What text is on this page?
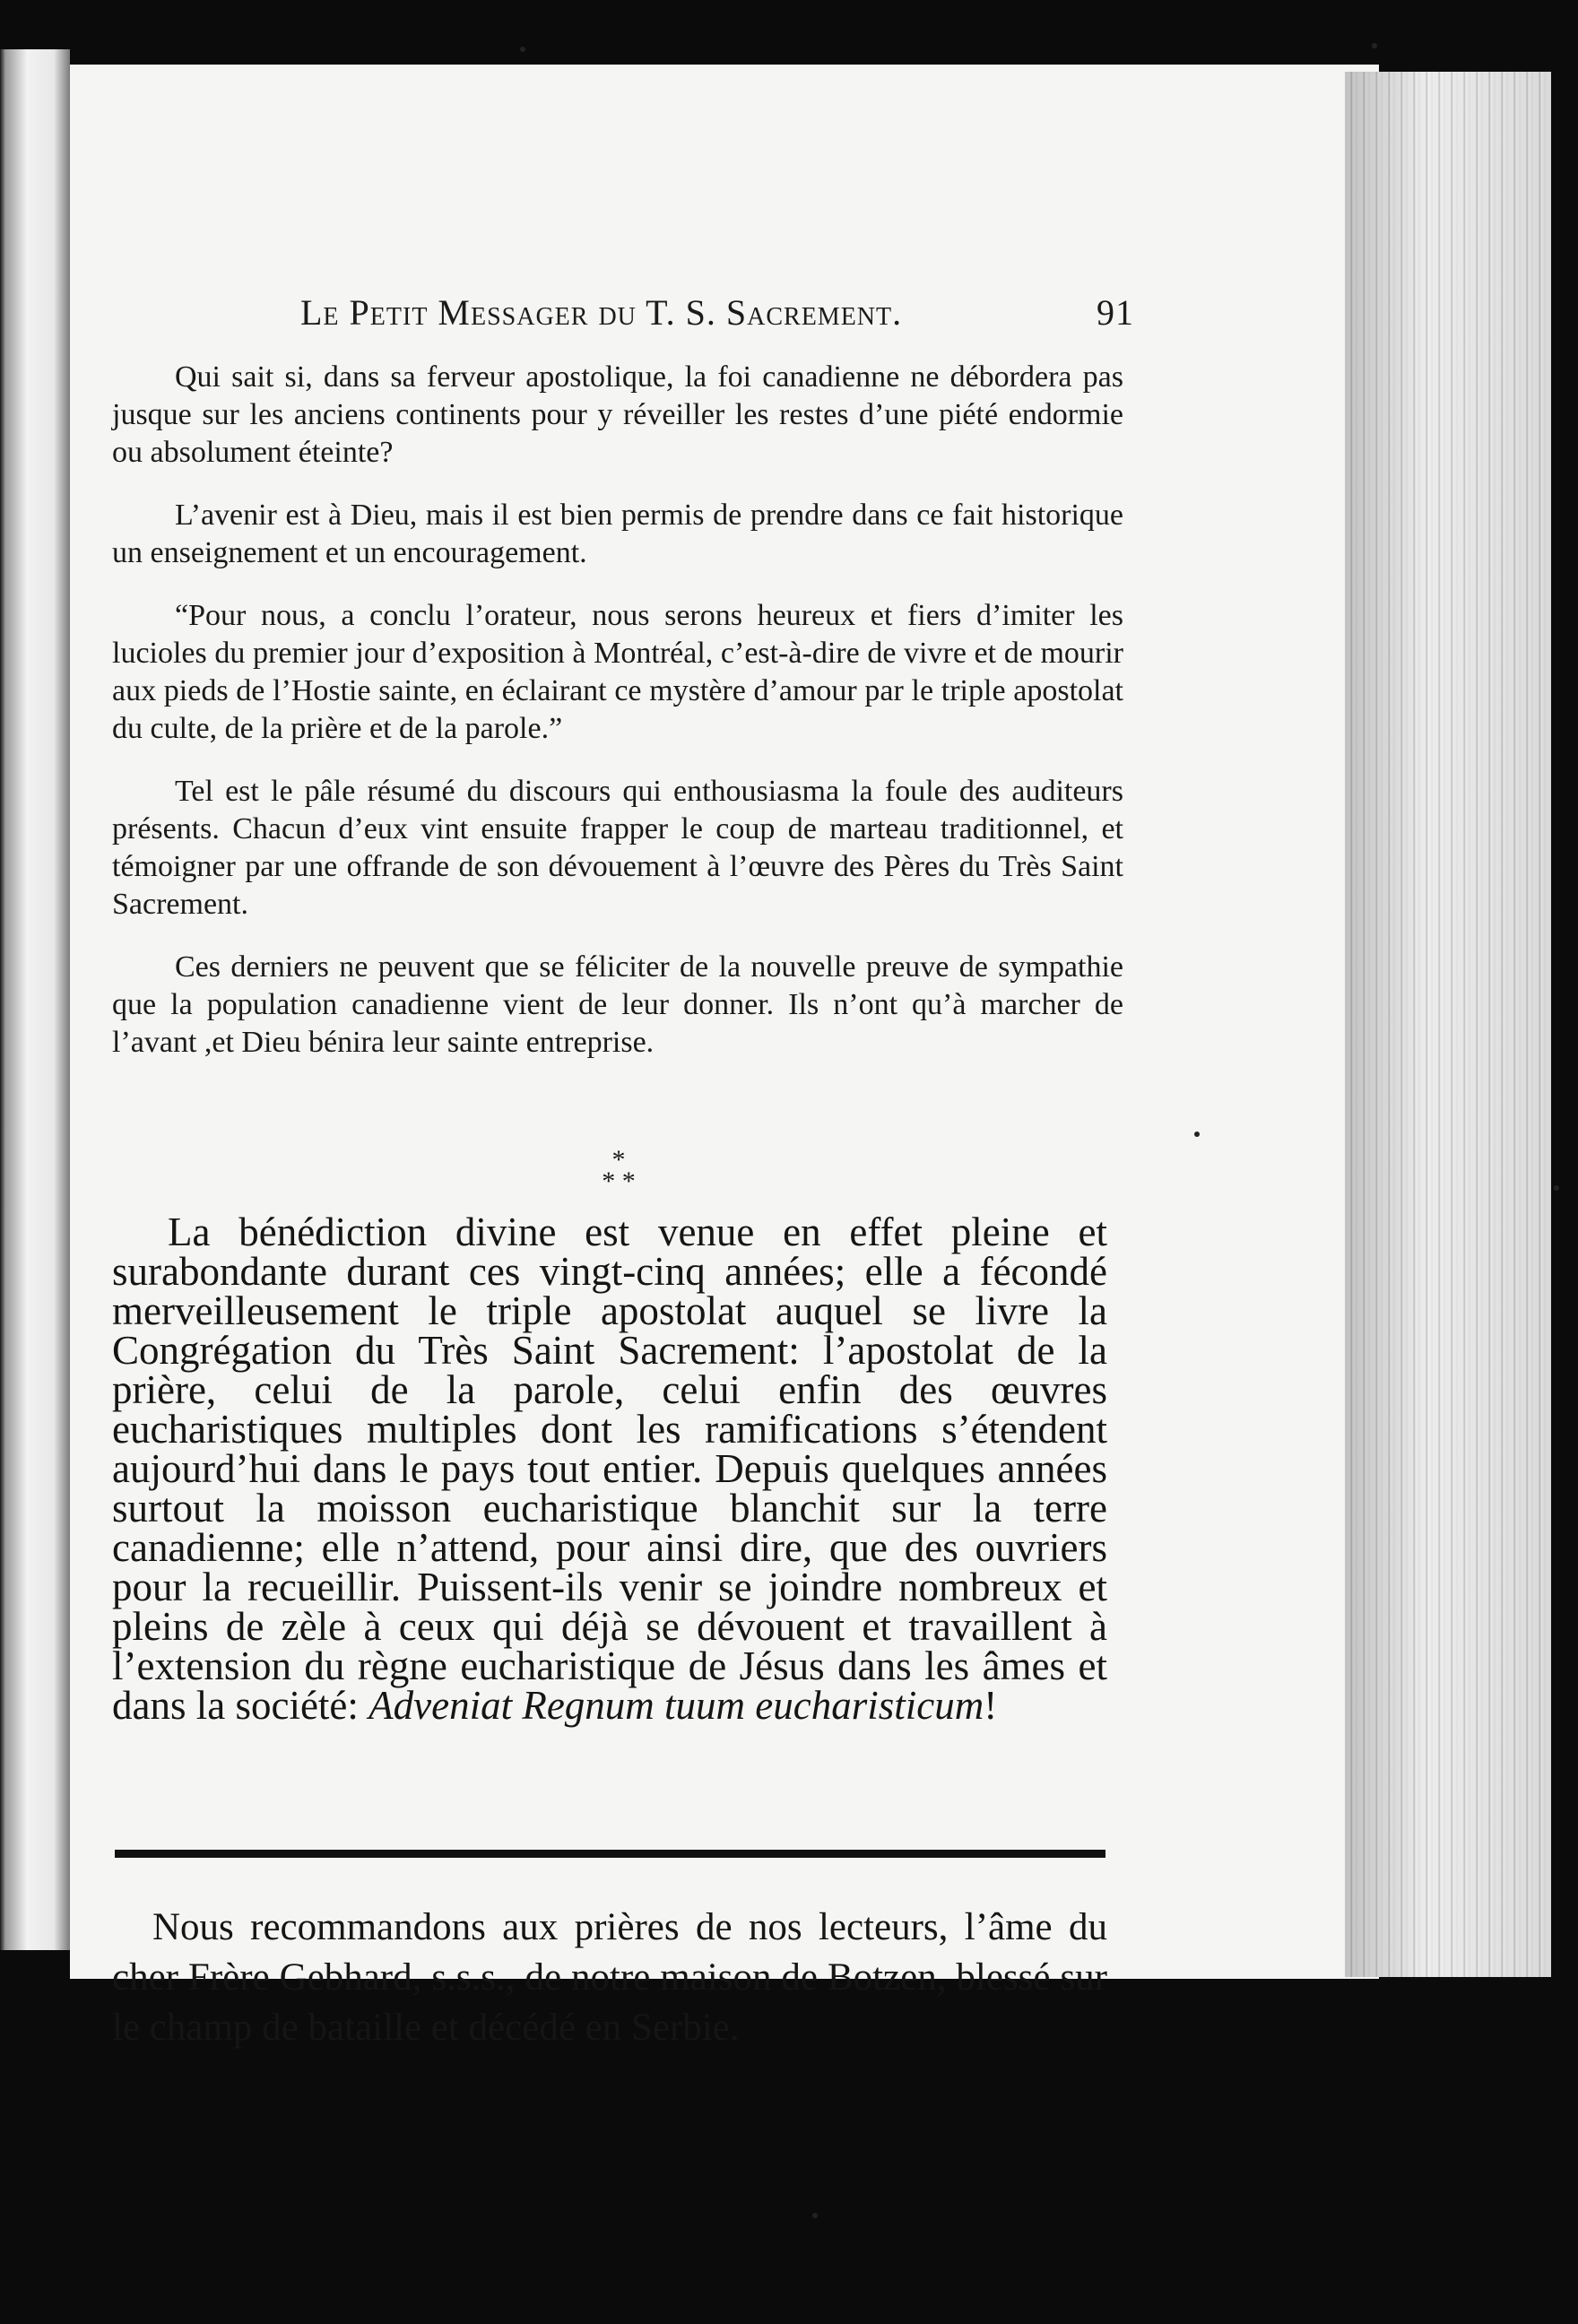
Le Petit Messager du T. S. Sacrement.	91

Qui sait si, dans sa ferveur apostolique, la foi canadienne ne débordera pas jusque sur les anciens continents pour y réveiller les restes d’une piété endormie ou absolument éteinte?

L’avenir est à Dieu, mais il est bien permis de prendre dans ce fait historique un enseignement et un encouragement.

“Pour nous, a conclu l’orateur, nous serons heureux et fiers d’imiter les lucioles du premier jour d’exposition à Montréal, c’est-à-dire de vivre et de mourir aux pieds de l’Hostie sainte, en éclairant ce mystère d’amour par le triple apostolat du culte, de la prière et de la parole.”

Tel est le pâle résumé du discours qui enthousiasma la foule des auditeurs présents. Chacun d’eux vint ensuite frapper le coup de marteau traditionnel, et témoigner par une offrande de son dévouement à l’œuvre des Pères du Très Saint Sacrement.

Ces derniers ne peuvent que se féliciter de la nouvelle preuve de sympathie que la population canadienne vient de leur donner. Ils n’ont qu’à marcher de l’avant ,et Dieu bénira leur sainte entreprise.

*
* *

La bénédiction divine est venue en effet pleine et surabondante durant ces vingt-cinq années; elle a fécondé merveilleusement le triple apostolat auquel se livre la Congrégation du Très Saint Sacrement: l’apostolat de la prière, celui de la parole, celui enfin des œuvres eucharistiques multiples dont les ramifications s’étendent aujourd’hui dans le pays tout entier. Depuis quelques années surtout la moisson eucharistique blanchit sur la terre canadienne; elle n’attend, pour ainsi dire, que des ouvriers pour la recueillir. Puissent-ils venir se joindre nombreux et pleins de zèle à ceux qui déjà se dévouent et travaillent à l’extension du règne eucharistique de Jésus dans les âmes et dans la société: Adveniat Regnum tuum eucharisticum!

Nous recommandons aux prières de nos lecteurs, l’âme du cher Frère Gebhard, s.s.s., de notre maison de Botzen, blessé sur le champ de bataille et décédé en Serbie.
